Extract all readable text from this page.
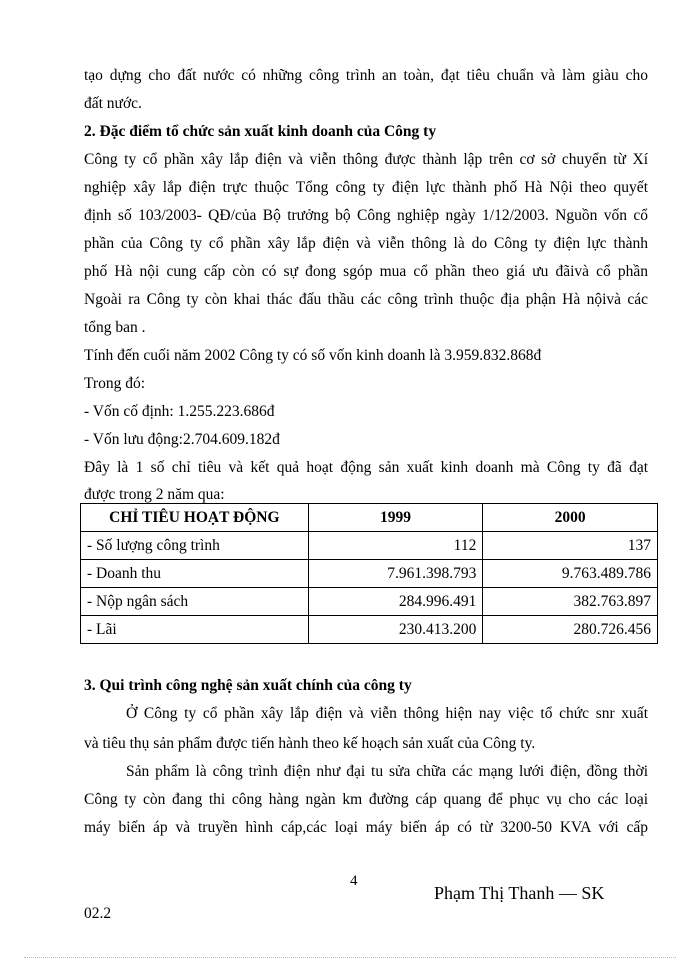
tạo dựng cho đất nước có những công trình an toàn, đạt tiêu chuẩn và làm giàu cho
đất nước.
2. Đặc điểm tổ chức sản xuất kinh doanh của Công ty
Công ty cổ phần xây lắp điện và viễn thông được thành lập trên cơ sở chuyển từ Xí
nghiệp xây lắp điện trực thuộc Tổng công ty điện lực thành phố Hà Nội theo quyết
định số 103/2003- QĐ/của Bộ trưởng bộ Công nghiệp ngày 1/12/2003. Nguồn vốn cổ
phần của Công ty cổ phần xây lắp điện và viễn thông là do Công ty điện lực thành
phố Hà nội cung cấp còn có sự đong sgóp mua cổ phần theo giá ưu đãivà cổ phần
Ngoài ra Công ty còn khai thác đấu thầu các công trình thuộc địa phận Hà nộivà các
tổng ban .
Tính đến cuối năm 2002 Công ty có số vốn kinh doanh là 3.959.832.868đ
Trong đó:
- Vốn cố định: 1.255.223.686đ
- Vốn lưu động:2.704.609.182đ
Đây là 1 số chỉ tiêu và kết quả hoạt động sản xuất kinh doanh mà Công ty đã đạt
được trong 2 năm qua:
CHỈ TIÊU HOẠT ĐỘNG	1999	2000
- Số lượng công trình	112	137
- Doanh thu	7.961.398.793	9.763.489.786
- Nộp ngân sách	284.996.491	382.763.897
- Lãi	230.413.200	280.726.456
3. Qui trình công nghệ sản xuất chính của công ty
Ở Công ty cổ phần xây lắp điện và viễn thông hiện nay việc tổ chức snr xuất
và tiêu thụ sản phẩm được tiến hành theo kế hoạch sản xuất của Công ty.
Sản phẩm là công trình điện như đại tu sửa chữa các mạng lưới điện, đồng thời
Công ty còn đang thi công hàng ngàn km đường cáp quang để phục vụ cho các loại
máy biến áp và truyền hình cáp,các loại máy biến áp có từ 3200-50 KVA với cấp
4
Phạm Thị Thanh — SK
02.2
